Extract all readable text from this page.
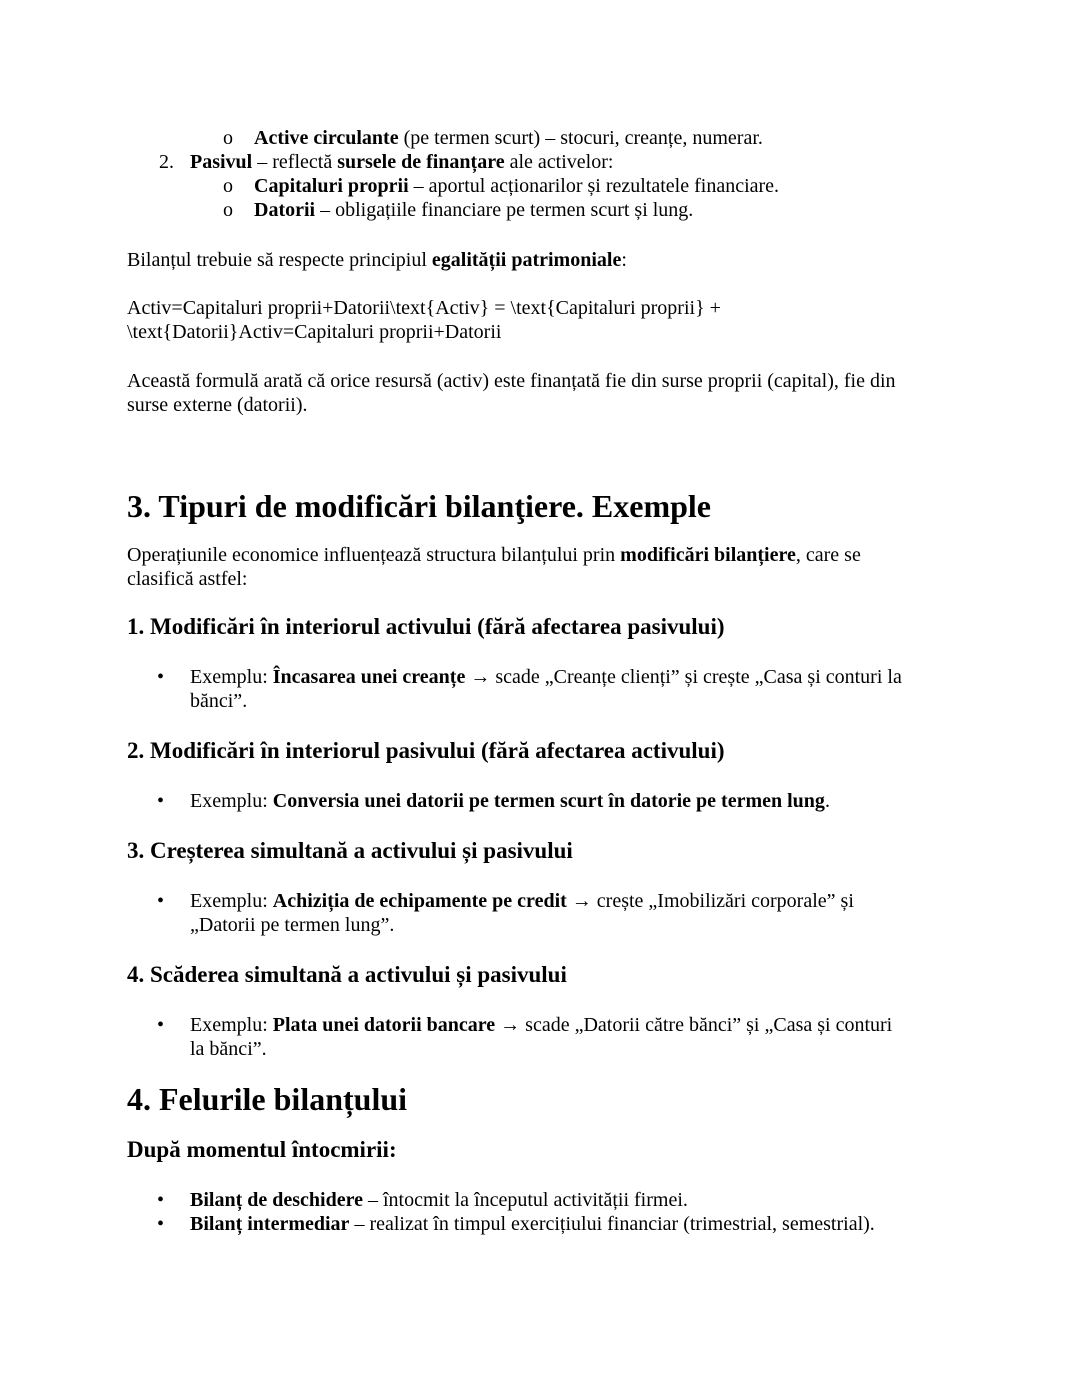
o Active circulante (pe termen scurt) – stocuri, creanțe, numerar.
2. Pasivul – reflectă sursele de finanțare ale activelor:
o Capitaluri proprii – aportul acționarilor și rezultatele financiare.
o Datorii – obligațiile financiare pe termen scurt și lung.

Bilanțul trebuie să respecte principiul egalității patrimoniale:

Activ=Capitaluri proprii+Datorii\text{Activ} = \text{Capitaluri proprii} +
\text{Datorii}Activ=Capitaluri proprii+Datorii

Această formulă arată că orice resursă (activ) este finanțată fie din surse proprii (capital), fie din
surse externe (datorii).

3. Tipuri de modificări bilanţiere. Exemple

Operațiunile economice influențează structura bilanțului prin modificări bilanțiere, care se
clasifică astfel:

1. Modificări în interiorul activului (fără afectarea pasivului)
• Exemplu: Încasarea unei creanțe → scade „Creanțe clienți” și crește „Casa și conturi la
bănci”.
2. Modificări în interiorul pasivului (fără afectarea activului)
• Exemplu: Conversia unei datorii pe termen scurt în datorie pe termen lung.
3. Creșterea simultană a activului și pasivului
• Exemplu: Achiziția de echipamente pe credit → crește „Imobilizări corporale” și
„Datorii pe termen lung”.
4. Scăderea simultană a activului și pasivului
• Exemplu: Plata unei datorii bancare → scade „Datorii către bănci” și „Casa și conturi
la bănci”.
4. Felurile bilanțului
După momentul întocmirii:
• Bilanț de deschidere – întocmit la începutul activității firmei.
• Bilanț intermediar – realizat în timpul exercițiului financiar (trimestrial, semestrial).
